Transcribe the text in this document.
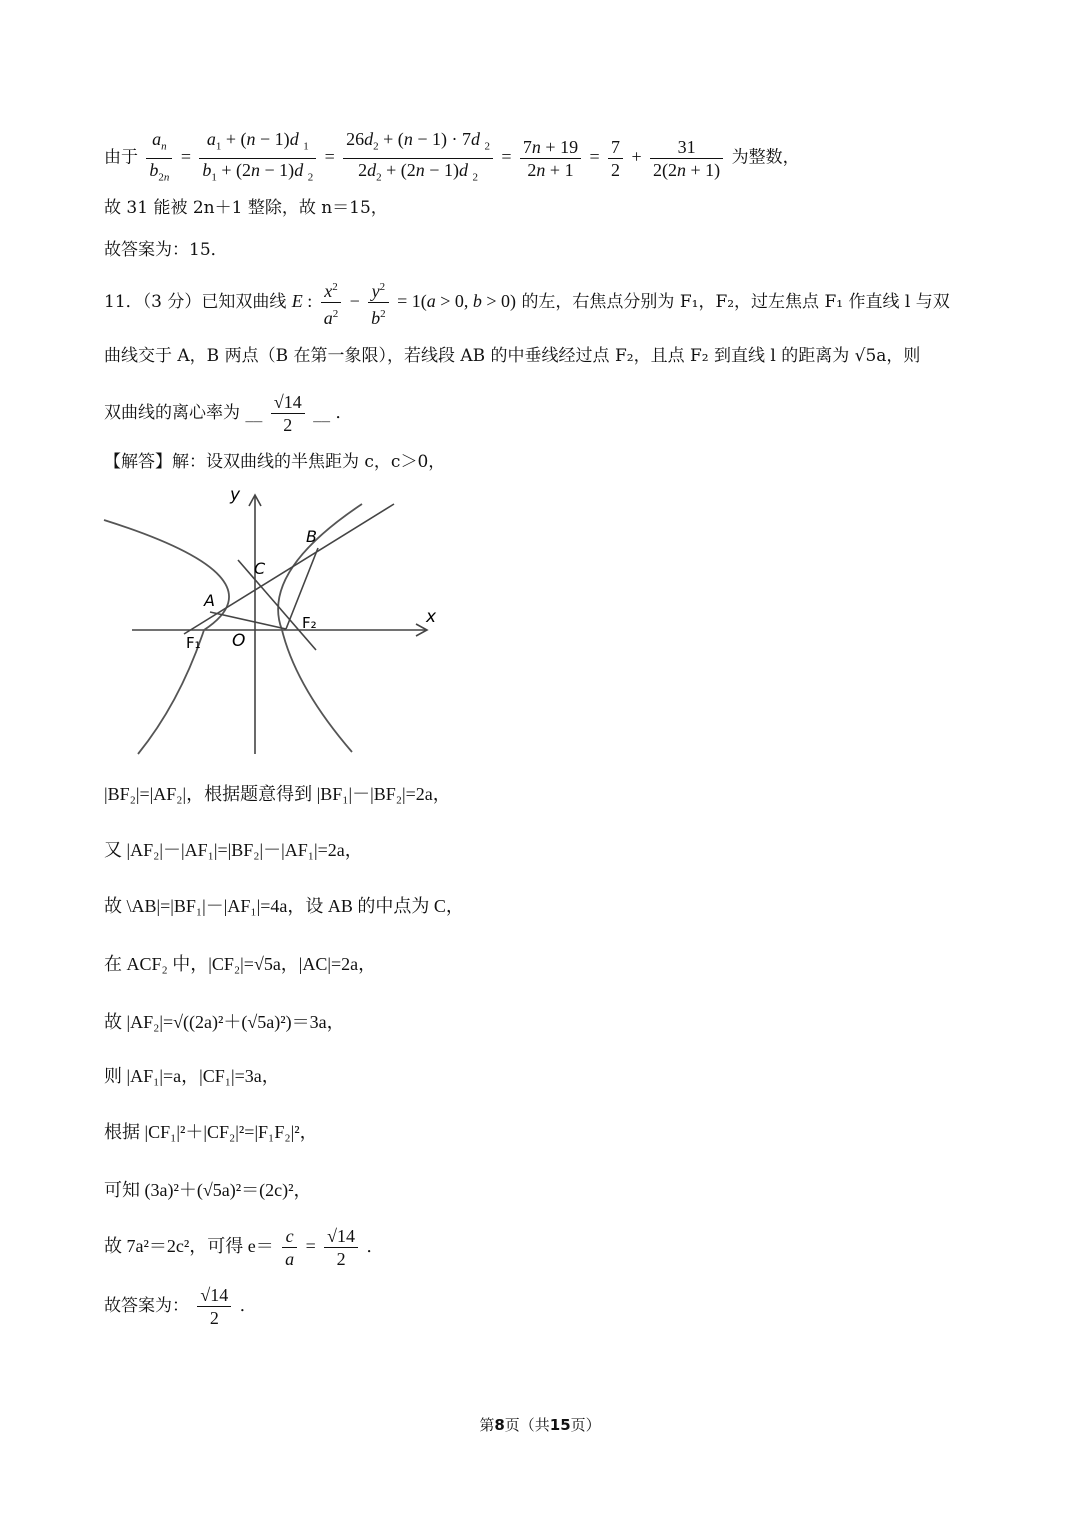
由于 $\frac{a_n}{b_{2n}} = \frac{a_1 + (n - 1)d _1}{b_1 + (2n - 1)d _2} = \frac{26d_2 + (n - 1) \cdot 7d _2}{2d_2 + (2n - 1)d _2} = \frac{7n + 19}{2n + 1} = \frac{7}{2} + \frac{31}{2(2n + 1)}$ 为整数，
故 31 能被 2n＋1 整除，故 n＝15，
故答案为：15．
11．（3 分）已知双曲线 E : $\frac{x^2}{a^2} - \frac{y^2}{b^2} = 1(a > 0$, b > 0) 的左，右焦点分别为 F₁，F₂，过左焦点 F₁ 作直线 l 与双
曲线交于 A，B 两点（B 在第一象限），若线段 AB 的中垂线经过点 F₂，且点 F₂ 到直线 l 的距离为 √5a，则
双曲线的离心率为 __ $\frac{√14}{2}$ __ ．
【解答】解：设双曲线的半焦距为 c，c＞0，
x
y
O
A
B
C
F₁
F₂
|BF₂|=|AF₂|，根据题意得到 |BF₁|－|BF₂|=2a，
又 |AF₂|－|AF₁|=|BF₂|－|AF₁|=2a，
故 \AB|=|BF₁|－|AF₁|=4a，设 AB 的中点为 C，
在 ACF₂ 中，|CF₂|=√5a，|AC|=2a，
故 |AF₂|=√((2a)²＋(√5a)²)＝3a，
则 |AF₁|=a，|CF₁|=3a，
根据 |CF₁|²＋|CF₂|²=|F₁F₂|²，
可知 (3a)²＋(√5a)²＝(2c)²，
故 7a²＝2c²，可得 $e= \frac{c}{a} = \frac{√14}{2}$ ．
故答案为： $\frac{√14}{2}$ ．
第8页（共15页）
